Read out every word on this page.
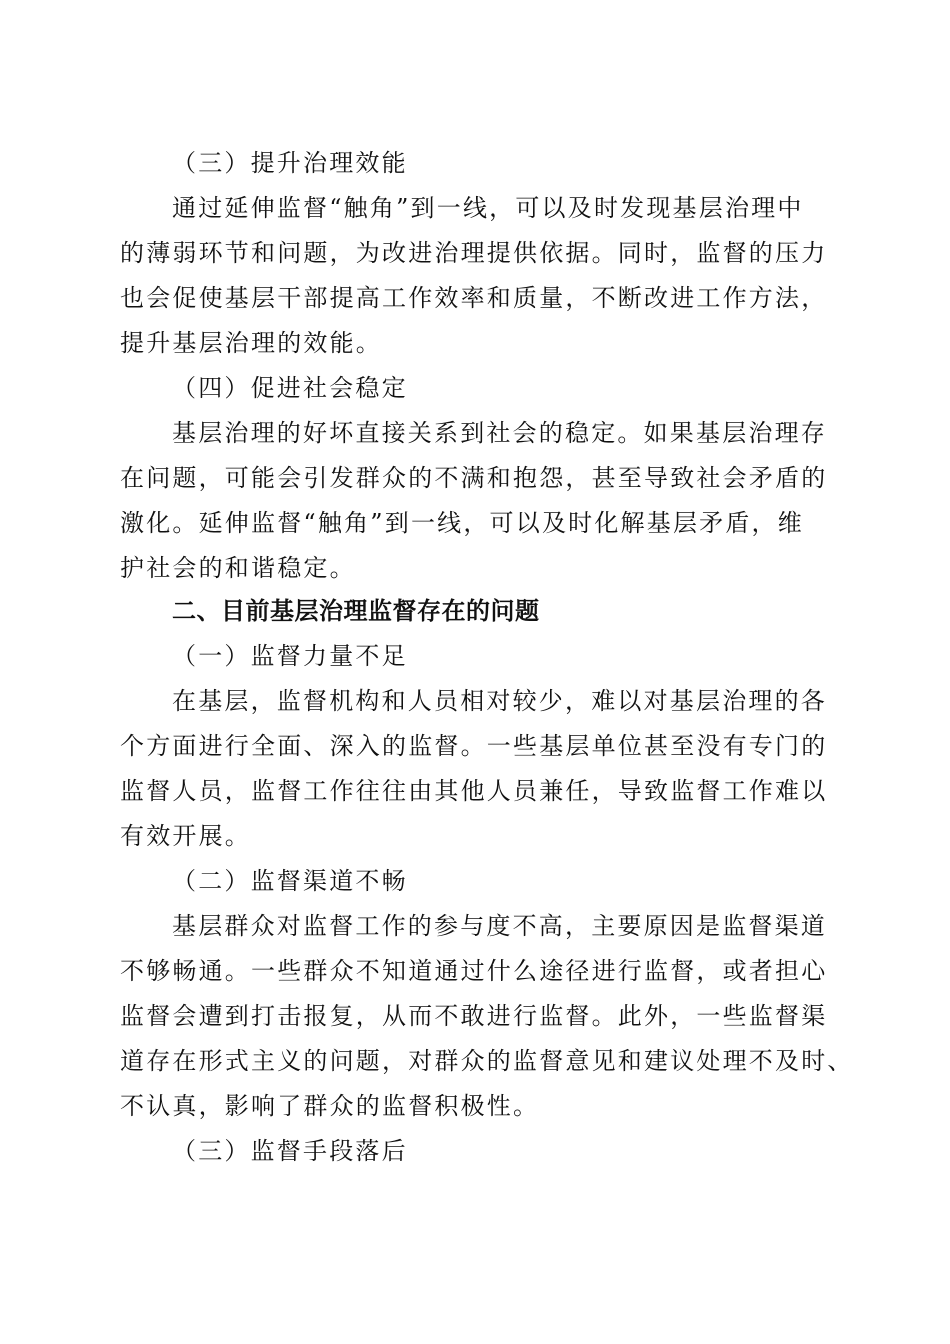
（三）提升治理效能
通过延伸监督“触角”到一线，可以及时发现基层治理中
的薄弱环节和问题，为改进治理提供依据。同时，监督的压力
也会促使基层干部提高工作效率和质量，不断改进工作方法，
提升基层治理的效能。
（四）促进社会稳定
基层治理的好坏直接关系到社会的稳定。如果基层治理存
在问题，可能会引发群众的不满和抱怨，甚至导致社会矛盾的
激化。延伸监督“触角”到一线，可以及时化解基层矛盾，维
护社会的和谐稳定。
二、目前基层治理监督存在的问题
（一）监督力量不足
在基层，监督机构和人员相对较少，难以对基层治理的各
个方面进行全面、深入的监督。一些基层单位甚至没有专门的
监督人员，监督工作往往由其他人员兼任，导致监督工作难以
有效开展。
（二）监督渠道不畅
基层群众对监督工作的参与度不高，主要原因是监督渠道
不够畅通。一些群众不知道通过什么途径进行监督，或者担心
监督会遭到打击报复，从而不敢进行监督。此外，一些监督渠
道存在形式主义的问题，对群众的监督意见和建议处理不及时、
不认真，影响了群众的监督积极性。
（三）监督手段落后
